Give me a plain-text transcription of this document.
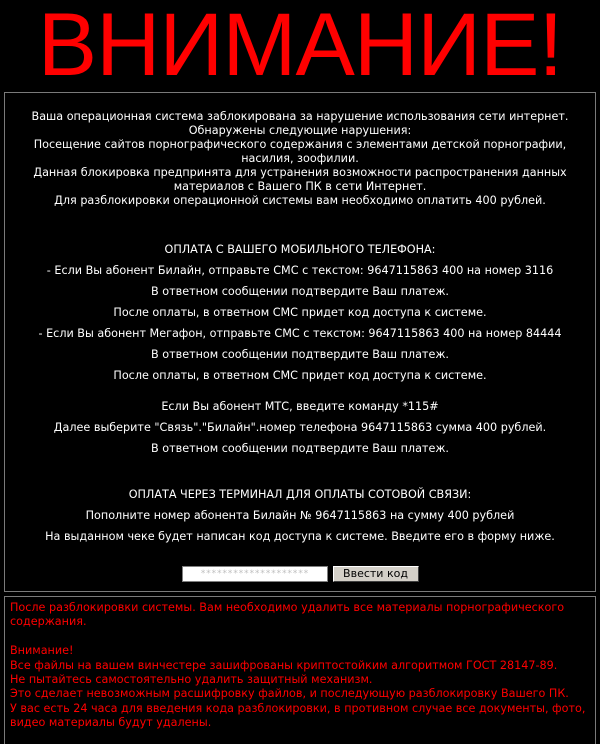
ВНИМАНИЕ!
Ваша операционная система заблокирована за нарушение использования сети интернет.
Обнаружены следующие нарушения:
Посещение сайтов порнографического содержания с элементами детской порнографии,
насилия, зоофилии.
Данная блокировка предпринята для устранения возможности распространения данных
материалов с Вашего ПК в сети Интернет.
Для разблокировки операционной системы вам необходимо оплатить 400 рублей.
ОПЛАТА С ВАШЕГО МОБИЛЬНОГО ТЕЛЕФОНА:
- Если Вы абонент Билайн, отправьте СМС с текстом: 9647115863 400 на номер 3116
В ответном сообщении подтвердите Ваш платеж.
После оплаты, в ответном СМС придет код доступа к системе.
- Если Вы абонент Мегафон, отправьте СМС с текстом: 9647115863 400 на номер 84444
В ответном сообщении подтвердите Ваш платеж.
После оплаты, в ответном СМС придет код доступа к системе.
Если Вы абонент МТС, введите команду *115#
Далее выберите "Связь"."Билайн".номер телефона 9647115863 сумма 400 рублей.
В ответном сообщении подтвердите Ваш платеж.
ОПЛАТА ЧЕРЕЗ ТЕРМИНАЛ ДЛЯ ОПЛАТЫ СОТОВОЙ СВЯЗИ:
Пополните номер абонента Билайн № 9647115863 на сумму 400 рублей
На выданном чеке будет написан код доступа к системе. Введите его в форму ниже.
********************	Ввести код
После разблокировки системы. Вам необходимо удалить все материалы порнографического содержания.
Внимание!
Все файлы на вашем винчестере зашифрованы криптостойким алгоритмом ГОСТ 28147-89.
Не пытайтесь самостоятельно удалить защитный механизм.
Это сделает невозможным расшифровку файлов, и последующую разблокировку Вашего ПК.
У вас есть 24 часа для введения кода разблокировки, в противном случае все документы, фото, видео материалы будут удалены.
